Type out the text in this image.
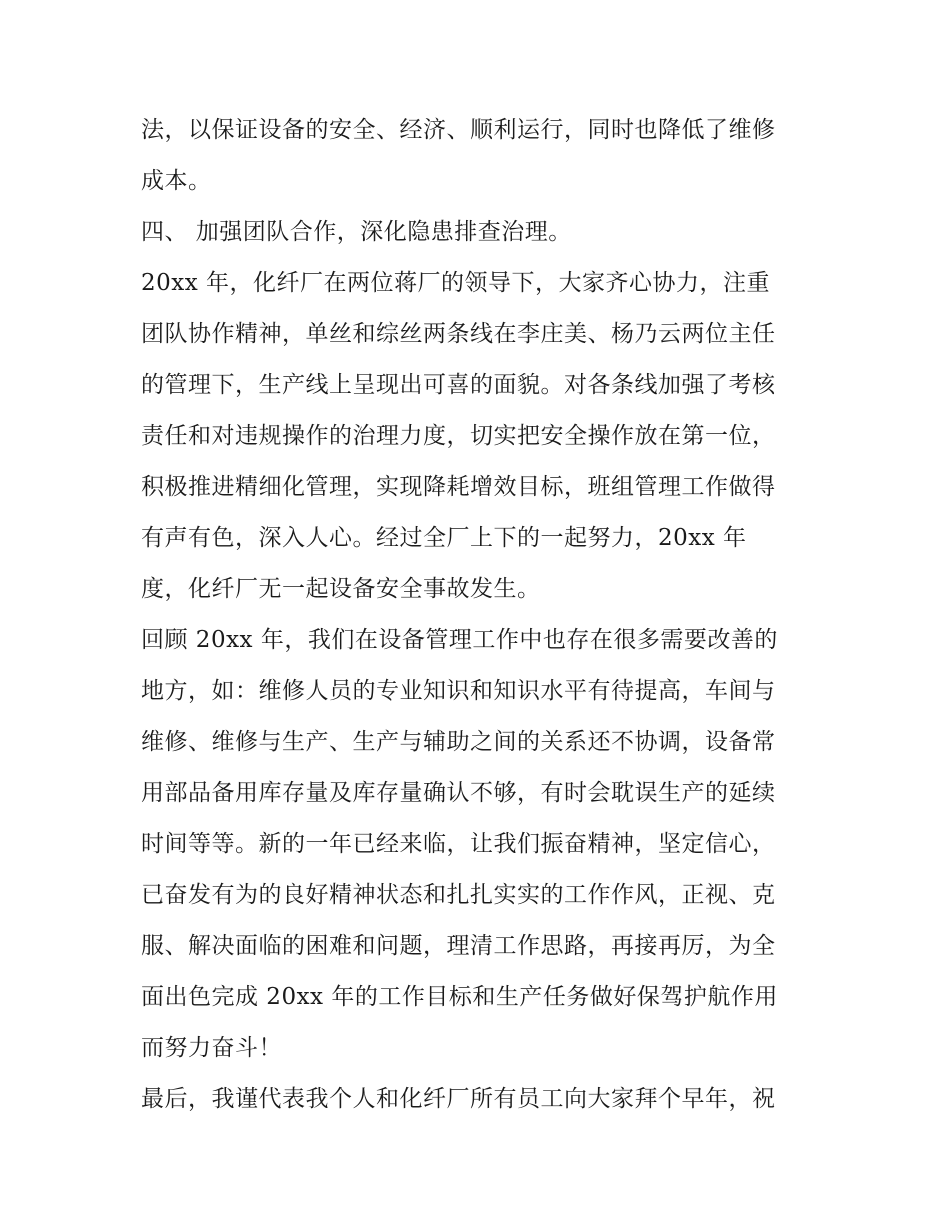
法，以保证设备的安全、经济、顺利运行，同时也降低了维修
成本。
四、 加强团队合作，深化隐患排查治理。
20xx 年，化纤厂在两位蒋厂的领导下，大家齐心协力，注重
团队协作精神，单丝和综丝两条线在李庄美、杨乃云两位主任
的管理下，生产线上呈现出可喜的面貌。对各条线加强了考核
责任和对违规操作的治理力度，切实把安全操作放在第一位，
积极推进精细化管理，实现降耗增效目标，班组管理工作做得
有声有色，深入人心。经过全厂上下的一起努力，20xx 年
度，化纤厂无一起设备安全事故发生。
回顾 20xx 年，我们在设备管理工作中也存在很多需要改善的
地方，如：维修人员的专业知识和知识水平有待提高，车间与
维修、维修与生产、生产与辅助之间的关系还不协调，设备常
用部品备用库存量及库存量确认不够，有时会耽误生产的延续
时间等等。新的一年已经来临，让我们振奋精神，坚定信心，
已奋发有为的良好精神状态和扎扎实实的工作作风，正视、克
服、解决面临的困难和问题，理清工作思路，再接再厉，为全
面出色完成 20xx 年的工作目标和生产任务做好保驾护航作用
而努力奋斗！
最后，我谨代表我个人和化纤厂所有员工向大家拜个早年，祝
